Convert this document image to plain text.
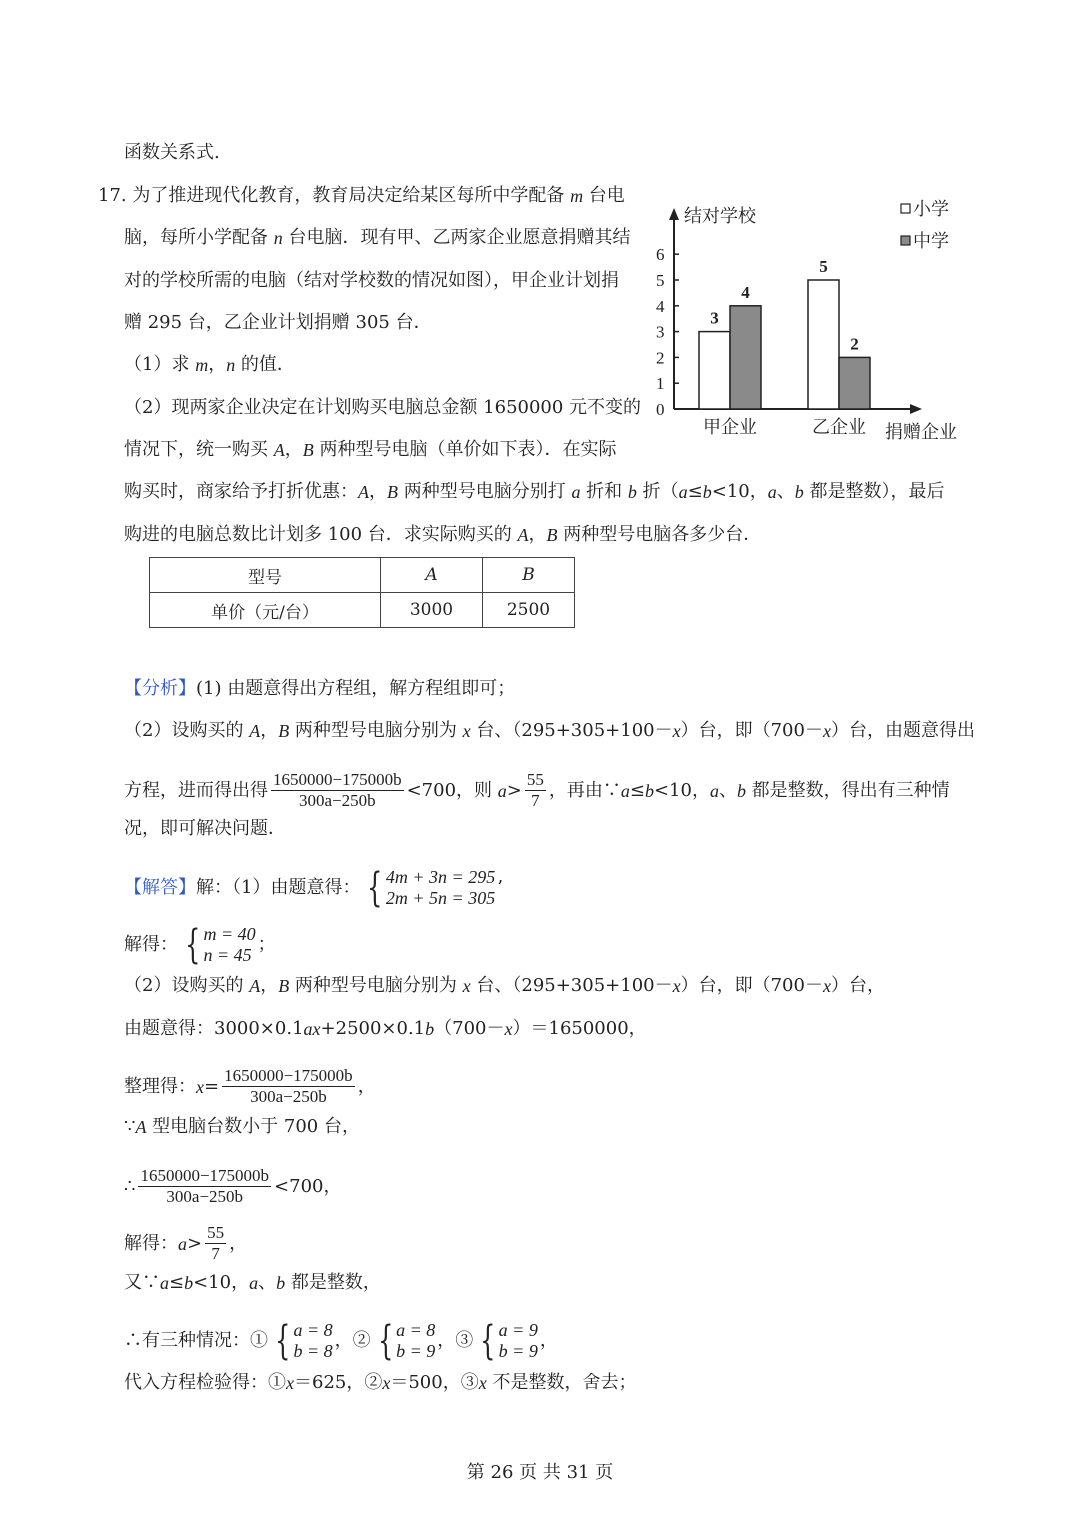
函数关系式.
17. 为了推进现代化教育，教育局决定给某区每所中学配备 m 台电
脑，每所小学配备 n 台电脑．现有甲、乙两家企业愿意捐赠其结
对的学校所需的电脑（结对学校数的情况如图），甲企业计划捐
赠 295 台，乙企业计划捐赠 305 台．
（1）求 m ， n 的值．
（2）现两家企业决定在计划购买电脑总金额 1650000 元不变的
情况下，统一购买 A ， B 两种型号电脑（单价如下表）．在实际
购买时，商家给予打折优惠： A ， B 两种型号电脑分别打 a 折和 b 折（ a ≤ b <10， a 、 b 都是整数），最后
购进的电脑总数比计划多 100 台．求实际购买的 A ， B 两种型号电脑各多少台．
【分析】 (1) 由题意得出方程组，解方程组即可；
（2）设购买的 A ， B 两种型号电脑分别为 x 台、（295+305+100－ x ）台，即（700－ x ）台，由题意得出
方程，进而得出得 $\frac{1650000-175000b}{300a-250b} <700$，则 $a > \frac{55}{7}$ ，再由∵ a ≤ b <10， a 、 b 都是整数，得出有三种情
况，即可解决问题．
【解答】 解：（1）由题意得： { 4m + 3n = 295
2m + 5n = 305 ’
解得： { m = 40
n = 45 ；
（2）设购买的 A ， B 两种型号电脑分别为 x 台、（295+305+100－ x ）台，即（700－ x ）台，
由题意得：3000×0.1 ax +2500×0.1 b （700－ x ）＝1650000，
整理得： $x = \frac{1650000-175000b}{300a-250b}$ ，
∵ A 型电脑台数小于 700 台，
∴ $\frac{1650000-175000b}{300a-250b} <700$，
解得： $a > \frac{55}{7}$ ，
又∵ a ≤ b <10， a 、 b 都是整数，
∴有三种情况：① { a = 8
b = 8 ，② { a = 8
b = 9 ，③ { a = 9
b = 9 ，
代入方程检验得：① x ＝625，② x ＝500，③ x 不是整数，舍去；
型号	A	B
单价（元/台）	3000	2500
结对学校
捐赠企业
0
1
2
3
4
5
6
3
4
甲企业
5
2
乙企业
小学
中学
第 26 页 共 31 页
